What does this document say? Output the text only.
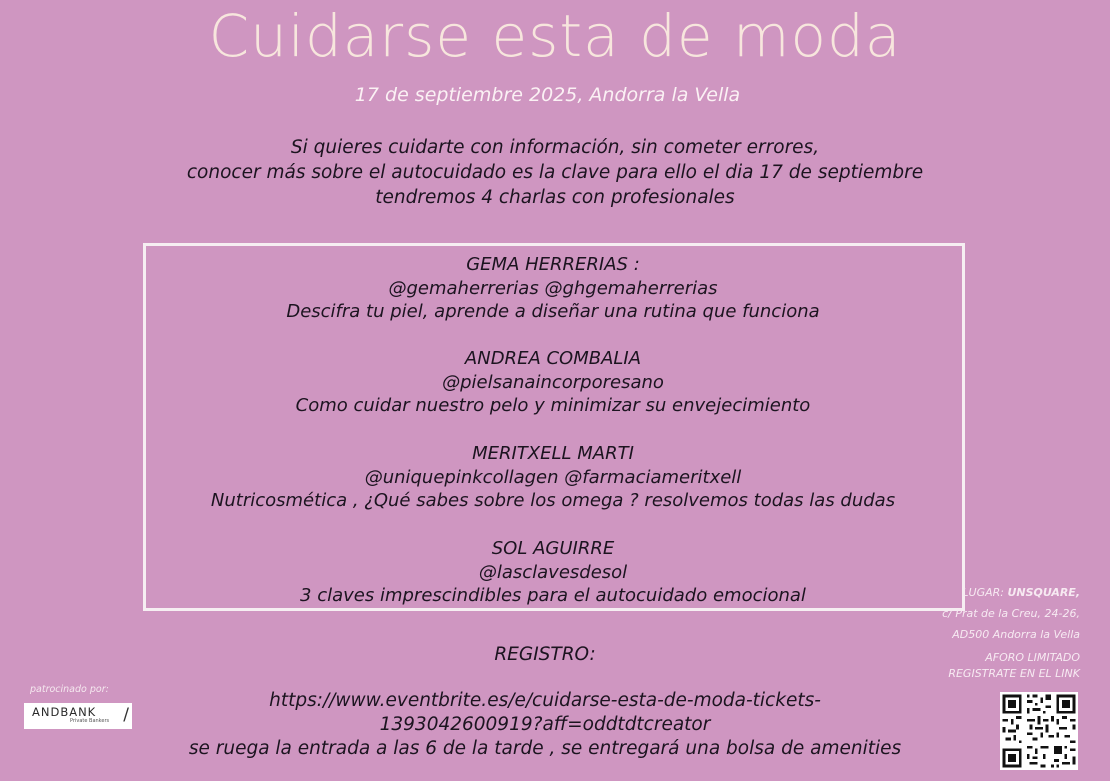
Cuidarse esta de moda
17 de septiembre 2025, Andorra la Vella
Si quieres cuidarte con información, sin cometer errores,
conocer más sobre el autocuidado es la clave para ello el dia 17 de septiembre
tendremos 4 charlas con profesionales
GEMA HERRERIAS :
@gemaherrerias @ghgemaherrerias
Descifra tu piel, aprende a diseñar una rutina que funciona
ANDREA COMBALIA
@pielsanaincorporesano
Como cuidar nuestro pelo y minimizar su envejecimiento
MERITXELL MARTI
@uniquepinkcollagen @farmaciameritxell
Nutricosmética , ¿Qué sabes sobre los omega ? resolvemos todas las dudas
SOL AGUIRRE
@lasclavesdesol
3 claves imprescindibles para el autocuidado emocional
REGISTRO:
https://www.eventbrite.es/e/cuidarse-esta-de-moda-tickets-
1393042600919?aff=oddtdtcreator
se ruega la entrada a las 6 de la tarde , se entregará una bolsa de amenities
LUGAR: UNSQUARE,
c/ Prat de la Creu, 24-26,
AD500 Andorra la Vella
AFORO LIMITADO
REGISTRATE EN EL LINK
patrocinado por:
ANDBANK
Private Bankers /
